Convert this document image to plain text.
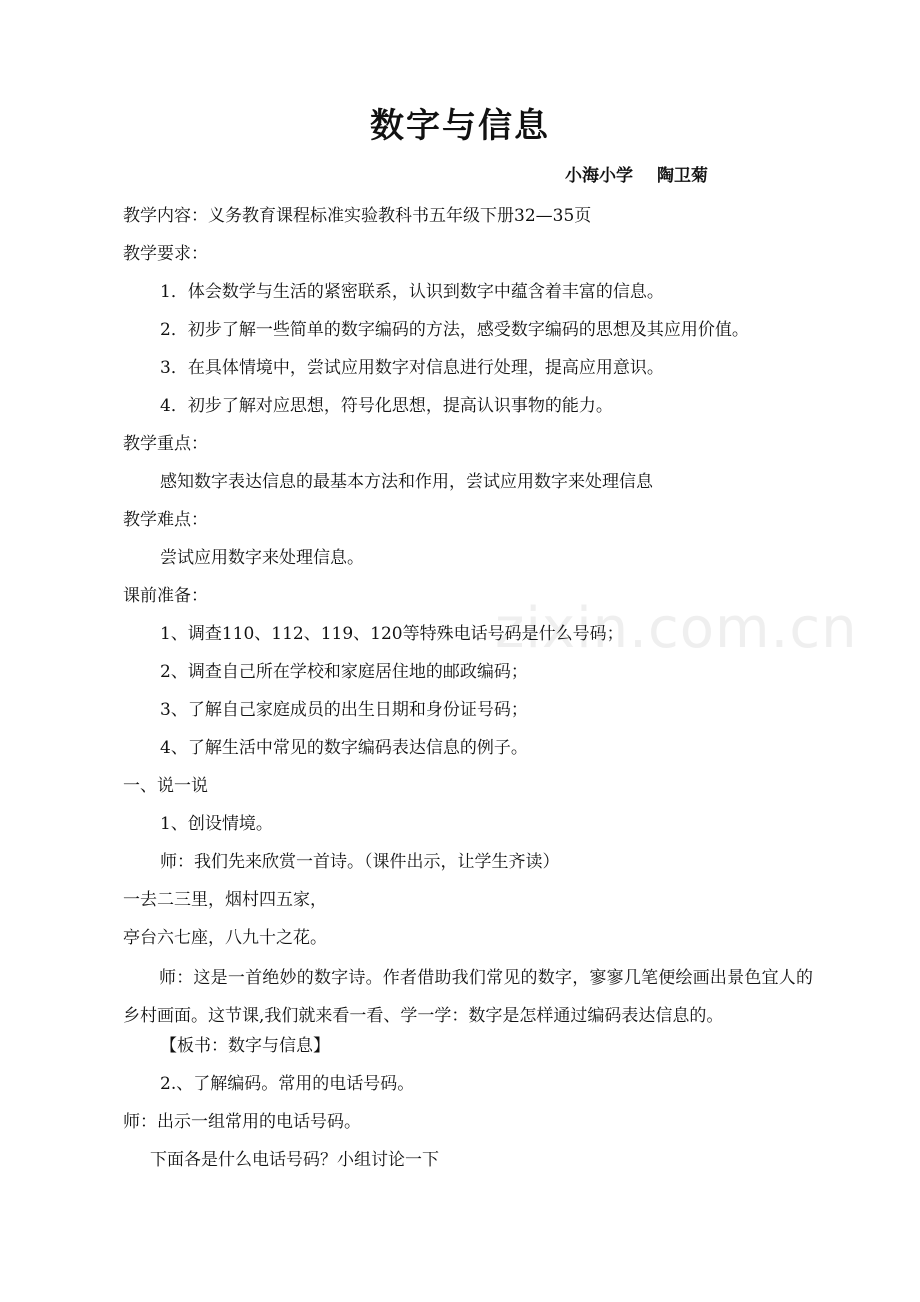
zixin.com.cn
数字与信息
小海小学 陶卫菊
教学内容：义务教育课程标准实验教科书五年级下册32—35页
教学要求：
1．体会数学与生活的紧密联系，认识到数字中蕴含着丰富的信息。
2．初步了解一些简单的数字编码的方法，感受数字编码的思想及其应用价值。
3．在具体情境中，尝试应用数字对信息进行处理，提高应用意识。
4．初步了解对应思想，符号化思想，提高认识事物的能力。
教学重点：
感知数字表达信息的最基本方法和作用，尝试应用数字来处理信息
教学难点：
尝试应用数字来处理信息。
课前准备：
1、调查110、112、119、120等特殊电话号码是什么号码；
2、调查自己所在学校和家庭居住地的邮政编码；
3、了解自己家庭成员的出生日期和身份证号码；
4、了解生活中常见的数字编码表达信息的例子。
一、说一说
1、创设情境。
师：我们先来欣赏一首诗。（课件出示，让学生齐读）
一去二三里，烟村四五家，
亭台六七座，八九十之花。
师：这是一首绝妙的数字诗。作者借助我们常见的数字，寥寥几笔便绘画出景色宜人的乡村画面。这节课,我们就来看一看、学一学：数字是怎样通过编码表达信息的。
【板书：数字与信息】
2.、了解编码。常用的电话号码。
师：出示一组常用的电话号码。
下面各是什么电话号码？小组讨论一下
